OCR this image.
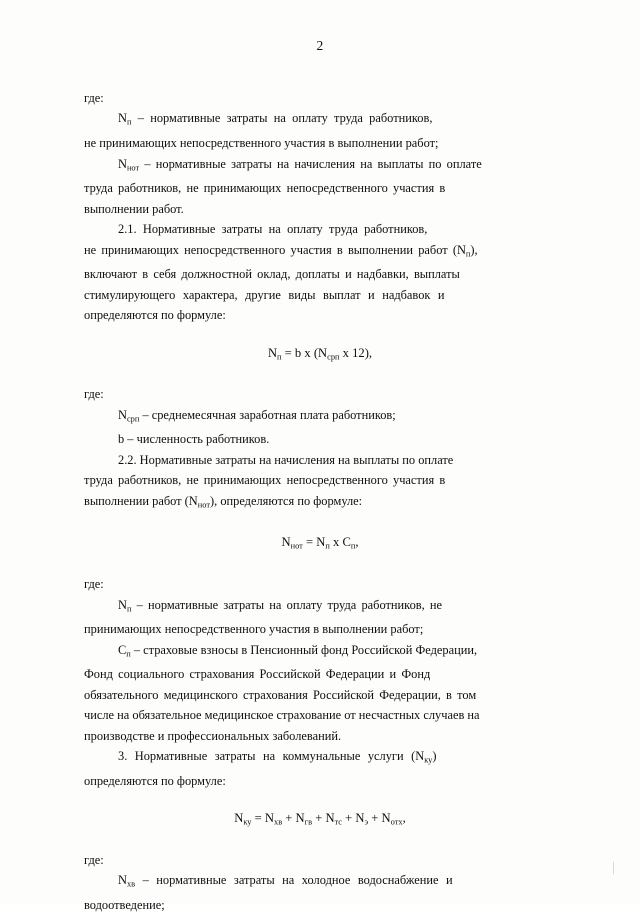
2

где:

$N_п$ – нормативные затраты на оплату труда работников,

не принимающих непосредственного участия в выполнении работ;

$N_{нот}$ – нормативные затраты на начисления на выплаты по оплате

труда работников, не принимающих непосредственного участия в

выполнении работ.

2.1. Нормативные затраты на оплату труда работников,

не принимающих непосредственного участия в выполнении работ $(N_п)$,

включают в себя должностной оклад, доплаты и надбавки, выплаты

стимулирующего характера, другие виды выплат и надбавок и

определяются по формуле:

$N_п = b$ х ($N_{срп}$ х 12),

где:

$N_{срп}$ – среднемесячная заработная плата работников;

b – численность работников.

2.2. Нормативные затраты на начисления на выплаты по оплате

труда работников, не принимающих непосредственного участия в

выполнении работ $(N_{нот})$, определяются по формуле:

$N_{нот} = N_п$ х $C_п$,

где:

$N_п$ – нормативные затраты на оплату труда работников, не

принимающих непосредственного участия в выполнении работ;

$C_п$ – страховые взносы в Пенсионный фонд Российской Федерации,

Фонд социального страхования Российской Федерации и Фонд

обязательного медицинского страхования Российской Федерации, в том

числе на обязательное медицинское страхование от несчастных случаев на

производстве и профессиональных заболеваний.

3. Нормативные затраты на коммунальные услуги $(N_{ку})$

определяются по формуле:

$N_{ку} = N_{хв} + N_{гв} + N_{тс} + N_э + N_{отх}$,

где:

$N_{хв}$ – нормативные затраты на холодное водоснабжение и

водоотведение;
